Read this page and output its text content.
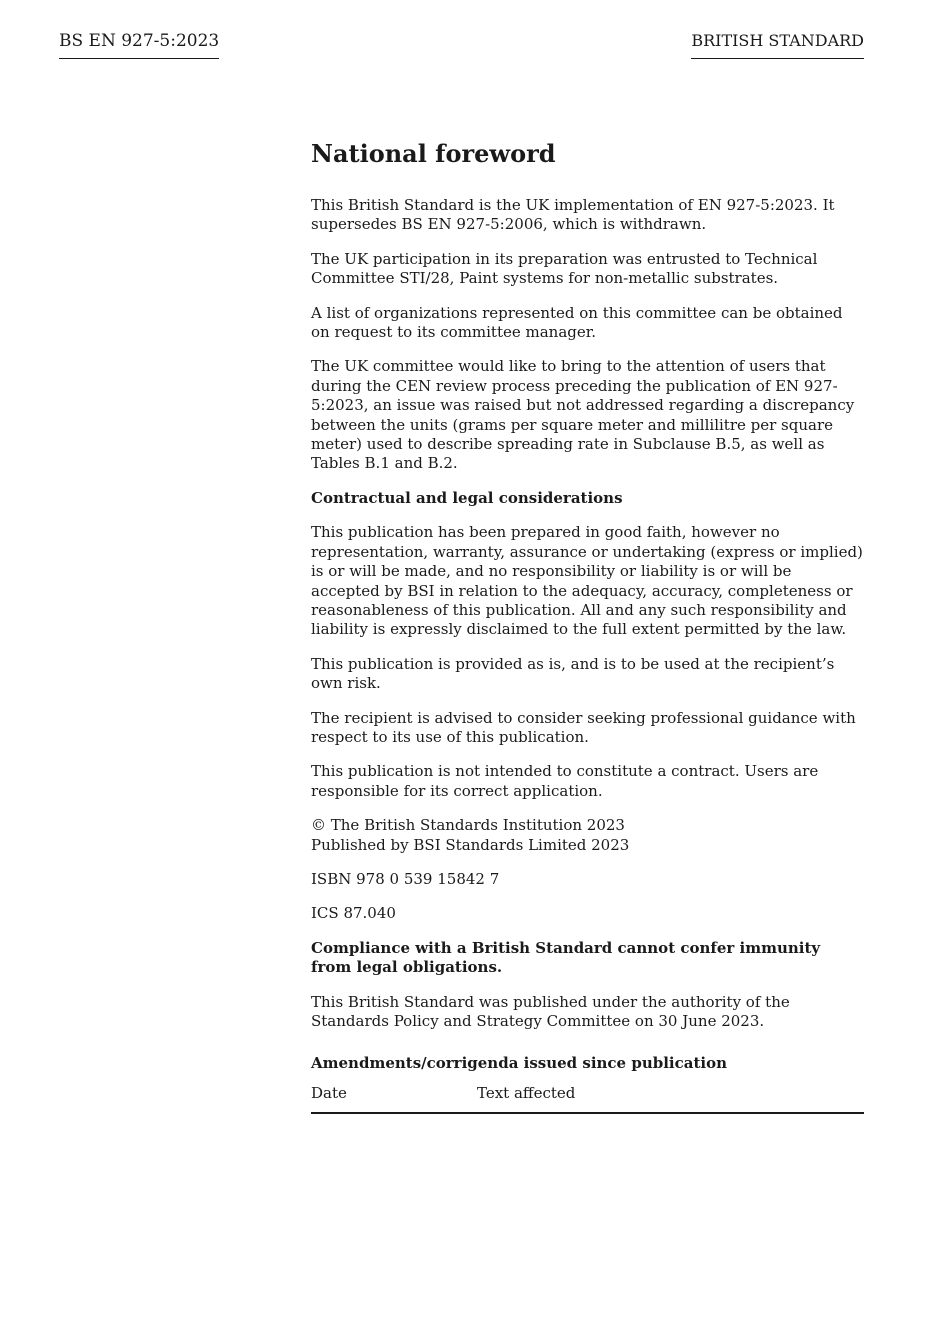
BS EN 927-5:2023	BRITISH STANDARD
National foreword

This British Standard is the UK implementation of EN 927-5:2023. It supersedes BS EN 927-5:2006, which is withdrawn.

The UK participation in its preparation was entrusted to Technical Committee STI/28, Paint systems for non-metallic substrates.

A list of organizations represented on this committee can be obtained on request to its committee manager.

The UK committee would like to bring to the attention of users that during the CEN review process preceding the publication of EN 927-5:2023, an issue was raised but not addressed regarding a discrepancy between the units (grams per square meter and millilitre per square meter) used to describe spreading rate in Subclause B.5, as well as Tables B.1 and B.2.

Contractual and legal considerations

This publication has been prepared in good faith, however no representation, warranty, assurance or undertaking (express or implied) is or will be made, and no responsibility or liability is or will be accepted by BSI in relation to the adequacy, accuracy, completeness or reasonableness of this publication. All and any such responsibility and liability is expressly disclaimed to the full extent permitted by the law.

This publication is provided as is, and is to be used at the recipient’s own risk.

The recipient is advised to consider seeking professional guidance with respect to its use of this publication.

This publication is not intended to constitute a contract. Users are responsible for its correct application.

© The British Standards Institution 2023
Published by BSI Standards Limited 2023

ISBN 978 0 539 15842 7

ICS 87.040

Compliance with a British Standard cannot confer immunity from legal obligations.

This British Standard was published under the authority of the Standards Policy and Strategy Committee on 30 June 2023.

Amendments/corrigenda issued since publication

Date	Text affected
